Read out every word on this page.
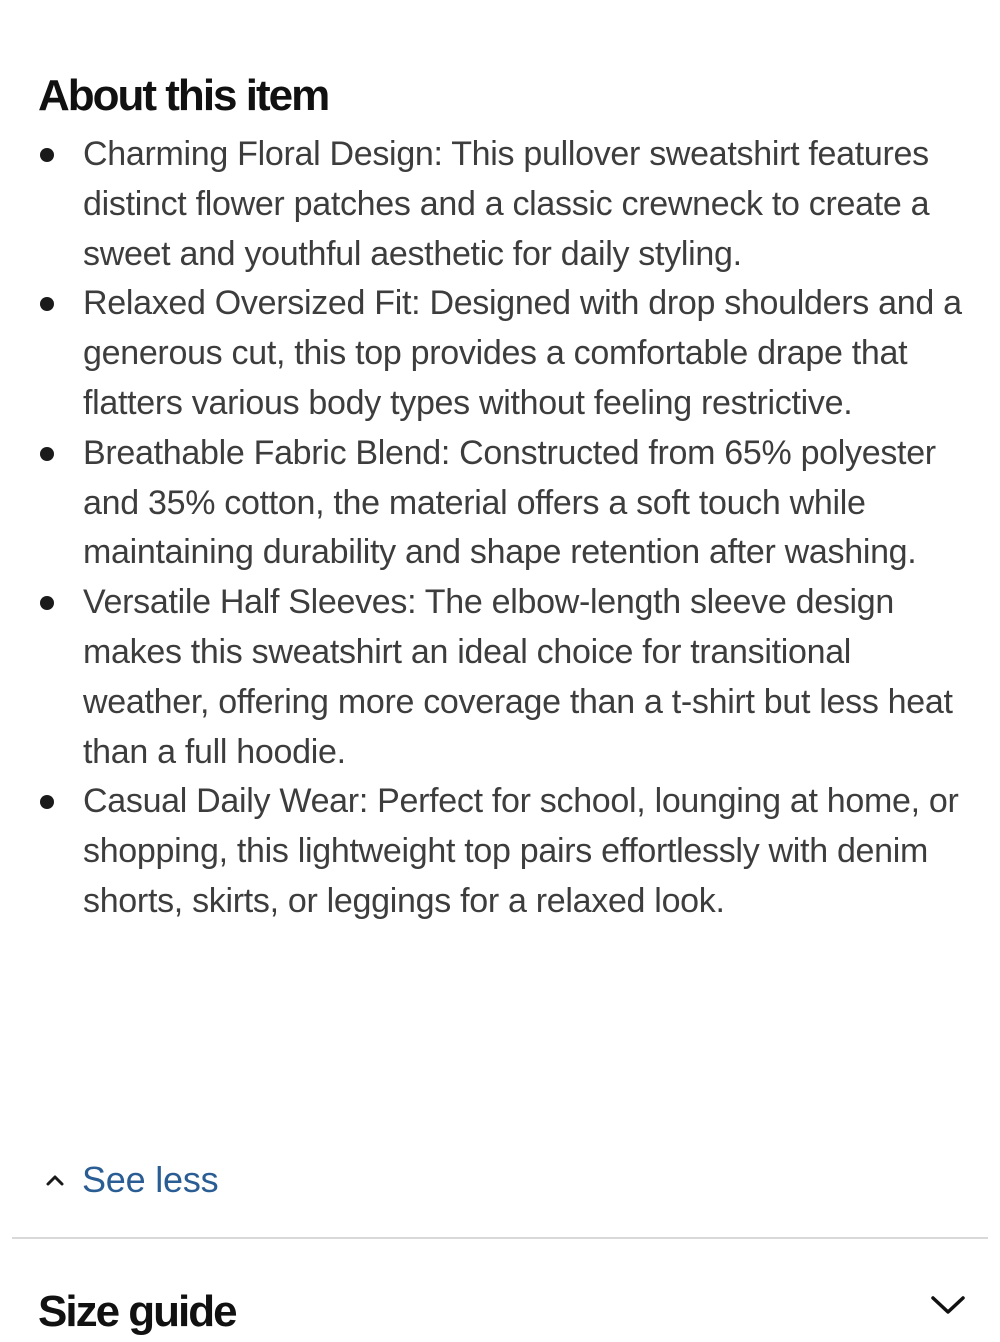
About this item
Charming Floral Design: This pullover sweatshirt features distinct flower patches and a classic crewneck to create a sweet and youthful aesthetic for daily styling.
Relaxed Oversized Fit: Designed with drop shoulders and a generous cut, this top provides a comfortable drape that flatters various body types without feeling restrictive.
Breathable Fabric Blend: Constructed from 65% polyester and 35% cotton, the material offers a soft touch while maintaining durability and shape retention after washing.
Versatile Half Sleeves: The elbow-length sleeve design makes this sweatshirt an ideal choice for transitional weather, offering more coverage than a t-shirt but less heat than a full hoodie.
Casual Daily Wear: Perfect for school, lounging at home, or shopping, this lightweight top pairs effortlessly with denim shorts, skirts, or leggings for a relaxed look.
See less
Size guide
